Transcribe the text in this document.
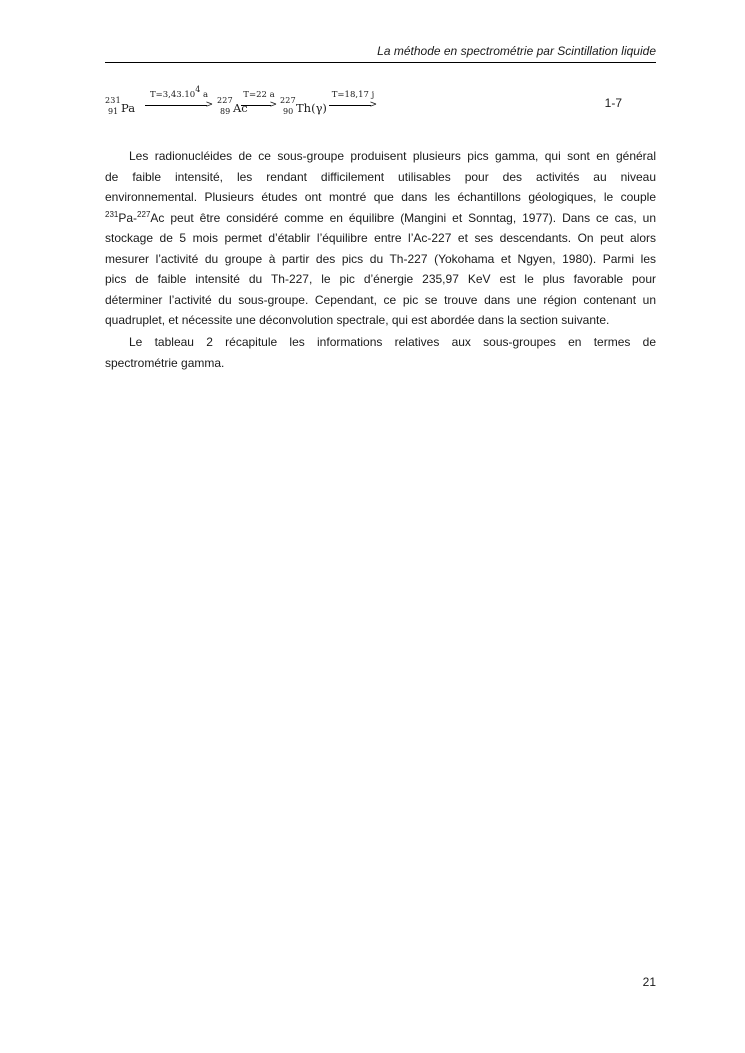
La méthode en spectrométrie par Scintillation liquide
231
91 Pa
$T=3,43.10^4$ a
> 227
89 Ac
T=22 a
> 227
90 Th(γ)
T=18,17 j
>	1-7
Les radionucléides de ce sous-groupe produisent plusieurs pics gamma, qui sont en général
de faible intensité, les rendant difficilement utilisables pour des activités au niveau
environnemental. Plusieurs études ont montré que dans les échantillons géologiques, le couple
$^{231}$Pa-$^{227}$Ac peut être considéré comme en équilibre (Mangini et Sonntag, 1977). Dans ce cas, un
stockage de 5 mois permet d’établir l’équilibre entre l’Ac-227 et ses descendants. On peut alors
mesurer l’activité du groupe à partir des pics du Th-227 (Yokohama et Ngyen, 1980). Parmi les
pics de faible intensité du Th-227, le pic d’énergie 235,97 KeV est le plus favorable pour
déterminer l’activité du sous-groupe. Cependant, ce pic se trouve dans une région contenant un
quadruplet, et nécessite une déconvolution spectrale, qui est abordée dans la section suivante.
Le tableau 2 récapitule les informations relatives aux sous-groupes en termes de
spectrométrie gamma.
21
